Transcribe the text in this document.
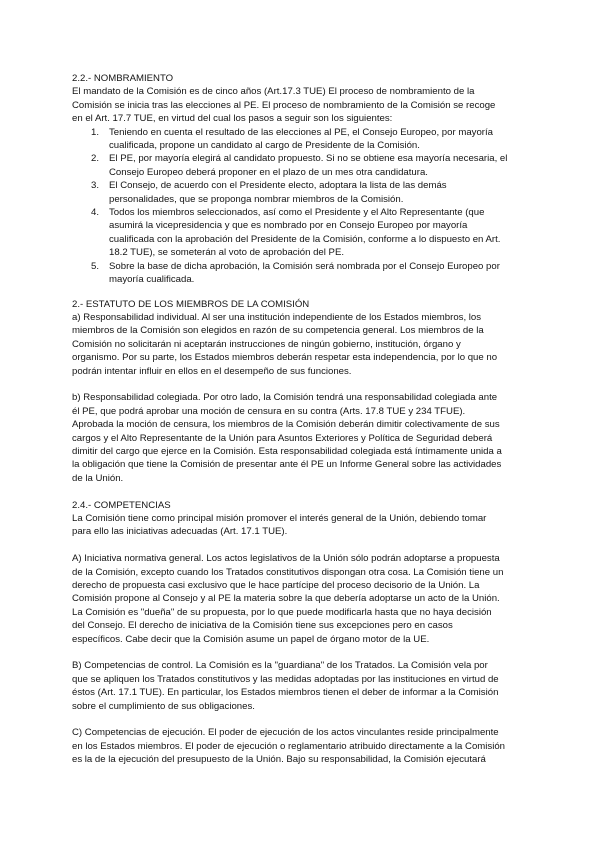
2.2.- NOMBRAMIENTO
El mandato de la Comisión es de cinco años (Art.17.3 TUE) El proceso de nombramiento de la
Comisión se inicia tras las elecciones al PE. El proceso de nombramiento de la Comisión se recoge
en el Art. 17.7 TUE, en virtud del cual los pasos a seguir son los siguientes:
1.	Teniendo en cuenta el resultado de las elecciones al PE, el Consejo Europeo, por mayoría
cualificada, propone un candidato al cargo de Presidente de la Comisión.
2.	El PE, por mayoría elegirá al candidato propuesto. Si no se obtiene esa mayoría necesaria, el
Consejo Europeo deberá proponer en el plazo de un mes otra candidatura.
3.	El Consejo, de acuerdo con el Presidente electo, adoptara la lista de las demás
personalidades, que se proponga nombrar miembros de la Comisión.
4.	Todos los miembros seleccionados, así como el Presidente y el Alto Representante (que
asumirá la vicepresidencia y que es nombrado por en Consejo Europeo por mayoría
cualificada con la aprobación del Presidente de la Comisión, conforme a lo dispuesto en Art.
18.2 TUE), se someterán al voto de aprobación del PE.
5.	Sobre la base de dicha aprobación, la Comisión será nombrada por el Consejo Europeo por
mayoría cualificada.
2.- ESTATUTO DE LOS MIEMBROS DE LA COMISIÓN
a) Responsabilidad individual. Al ser una institución independiente de los Estados miembros, los
miembros de la Comisión son elegidos en razón de su competencia general. Los miembros de la
Comisión no solicitarán ni aceptarán instrucciones de ningún gobierno, institución, órgano y
organismo. Por su parte, los Estados miembros deberán respetar esta independencia, por lo que no
podrán intentar influir en ellos en el desempeño de sus funciones.
b) Responsabilidad colegiada. Por otro lado, la Comisión tendrá una responsabilidad colegiada ante
él PE, que podrá aprobar una moción de censura en su contra (Arts. 17.8 TUE y 234 TFUE).
Aprobada la moción de censura, los miembros de la Comisión deberán dimitir colectivamente de sus
cargos y el Alto Representante de la Unión para Asuntos Exteriores y Política de Seguridad deberá
dimitir del cargo que ejerce en la Comisión. Esta responsabilidad colegiada está íntimamente unida a
la obligación que tiene la Comisión de presentar ante él PE un Informe General sobre las actividades
de la Unión.
2.4.- COMPETENCIAS
La Comisión tiene como principal misión promover el interés general de la Unión, debiendo tomar
para ello las iniciativas adecuadas (Art. 17.1 TUE).
A) Iniciativa normativa general. Los actos legislativos de la Unión sólo podrán adoptarse a propuesta
de la Comisión, excepto cuando los Tratados constitutivos dispongan otra cosa. La Comisión tiene un
derecho de propuesta casi exclusivo que le hace partícipe del proceso decisorio de la Unión. La
Comisión propone al Consejo y al PE la materia sobre la que debería adoptarse un acto de la Unión.
La Comisión es "dueña" de su propuesta, por lo que puede modificarla hasta que no haya decisión
del Consejo. El derecho de iniciativa de la Comisión tiene sus excepciones pero en casos
específicos. Cabe decir que la Comisión asume un papel de órgano motor de la UE.
B) Competencias de control. La Comisión es la "guardiana" de los Tratados. La Comisión vela por
que se apliquen los Tratados constitutivos y las medidas adoptadas por las instituciones en virtud de
éstos (Art. 17.1 TUE). En particular, los Estados miembros tienen el deber de informar a la Comisión
sobre el cumplimiento de sus obligaciones.
C) Competencias de ejecución. El poder de ejecución de los actos vinculantes reside principalmente
en los Estados miembros. El poder de ejecución o reglamentario atribuido directamente a la Comisión
es la de la ejecución del presupuesto de la Unión. Bajo su responsabilidad, la Comisión ejecutará
